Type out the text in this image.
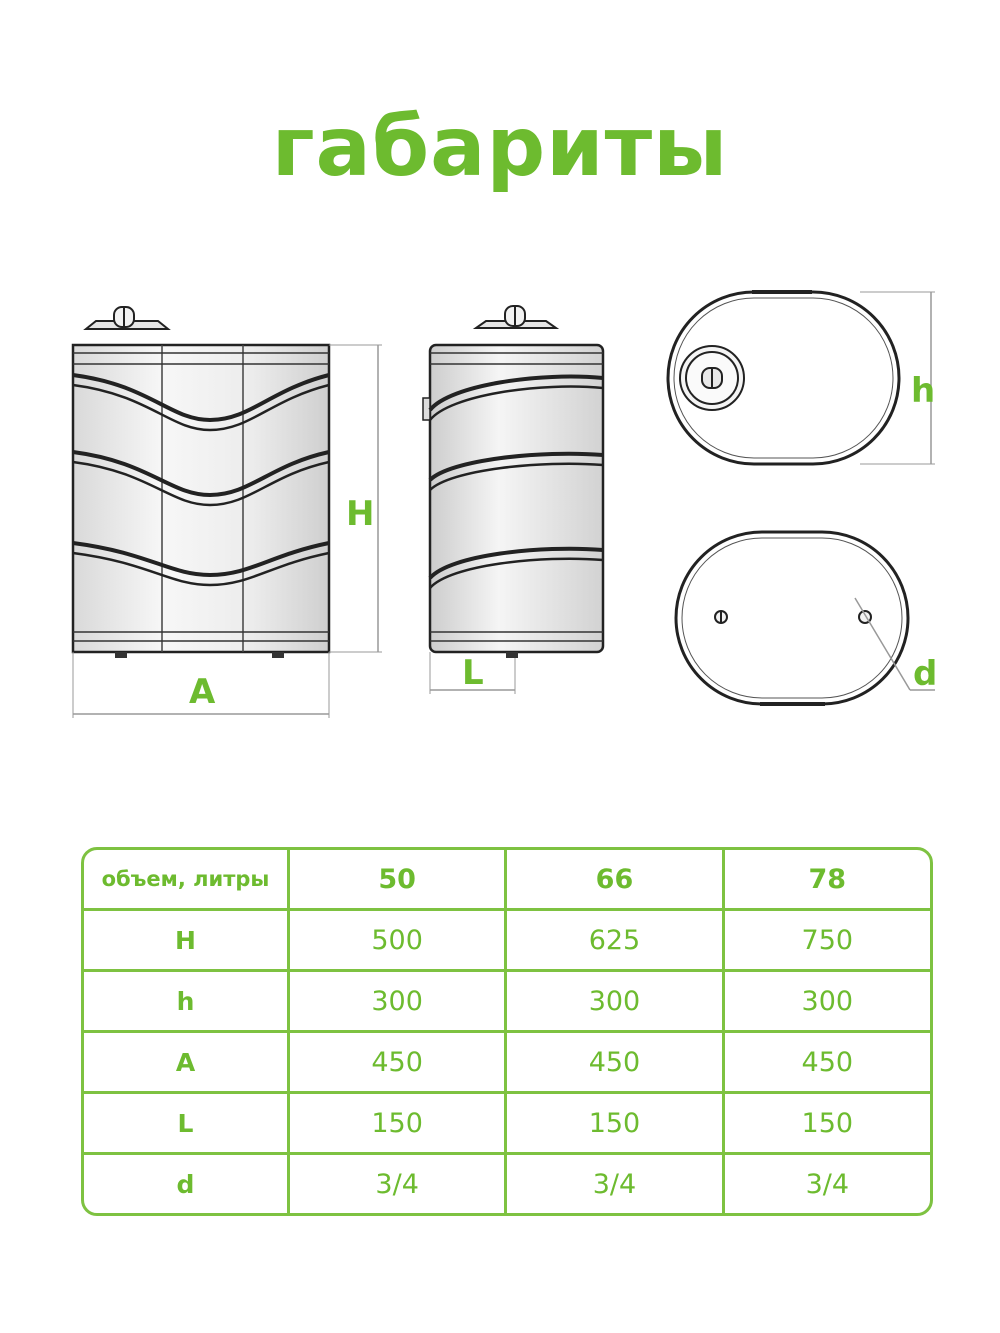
габариты
H
A	L
h
d
объем, литры	50	66	78
H	500	625	750
h	300	300	300
A	450	450	450
L	150	150	150
d	3/4	3/4	3/4
